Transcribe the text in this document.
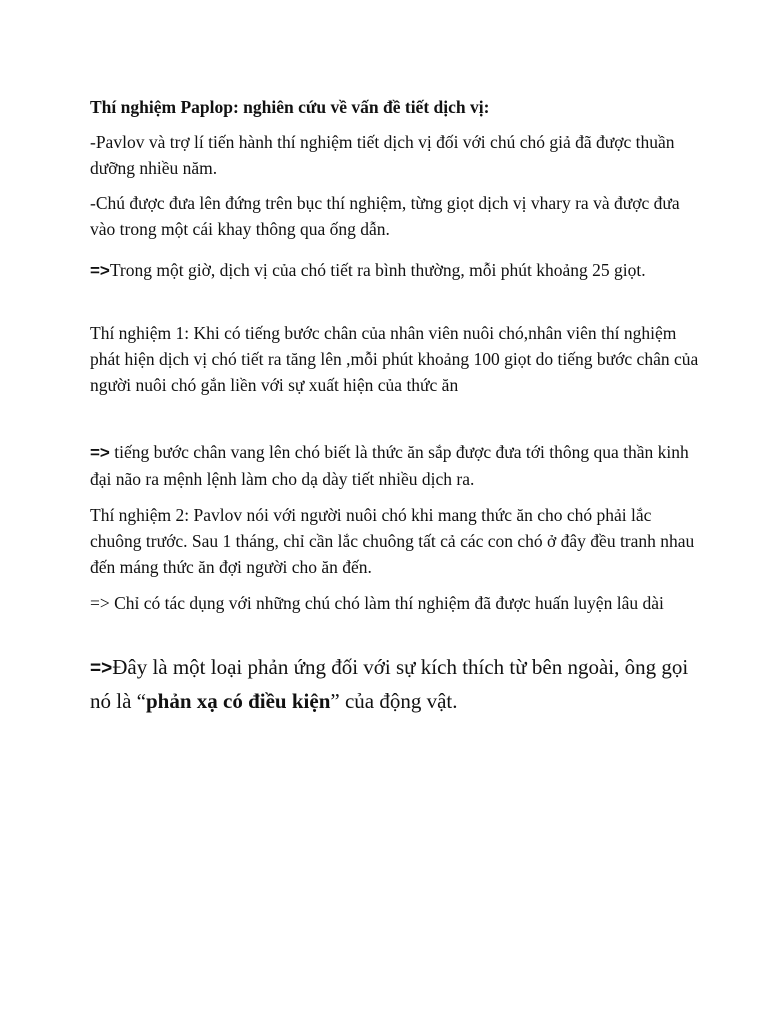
Thí nghiệm Paplop: nghiên cứu về vấn đề tiết dịch vị:

-Pavlov và trợ lí tiến hành thí nghiệm tiết dịch vị đối với chú chó giả đã được thuần dưỡng nhiều năm.

-Chú được đưa lên đứng trên bục thí nghiệm, từng giọt dịch vị vhary ra và được đưa vào trong một cái khay thông qua ống dẫn.

=>Trong một giờ, dịch vị của chó tiết ra bình thường, mỗi phút khoảng 25 giọt.

Thí nghiệm 1: Khi có tiếng bước chân của nhân viên nuôi chó,nhân viên thí nghiệm phát hiện dịch vị chó tiết ra tăng lên ,mỗi phút khoảng 100 giọt do tiếng bước chân của người nuôi chó gắn liền với sự xuất hiện của thức ăn

=> tiếng bước chân vang lên chó biết là thức ăn sắp được đưa tới thông qua thần kinh đại não ra mệnh lệnh làm cho dạ dày tiết nhiều dịch ra.

Thí nghiệm 2: Pavlov nói với người nuôi chó khi mang thức ăn cho chó phải lắc chuông trước. Sau 1 tháng, chỉ cần lắc chuông tất cả các con chó ở đây đều tranh nhau đến máng thức ăn đợi người cho ăn đến.

=> Chỉ có tác dụng với những chú chó làm thí nghiệm đã được huấn luyện lâu dài

=>Đây là một loại phản ứng đối với sự kích thích từ bên ngoài, ông gọi nó là “phản xạ có điều kiện” của động vật.
